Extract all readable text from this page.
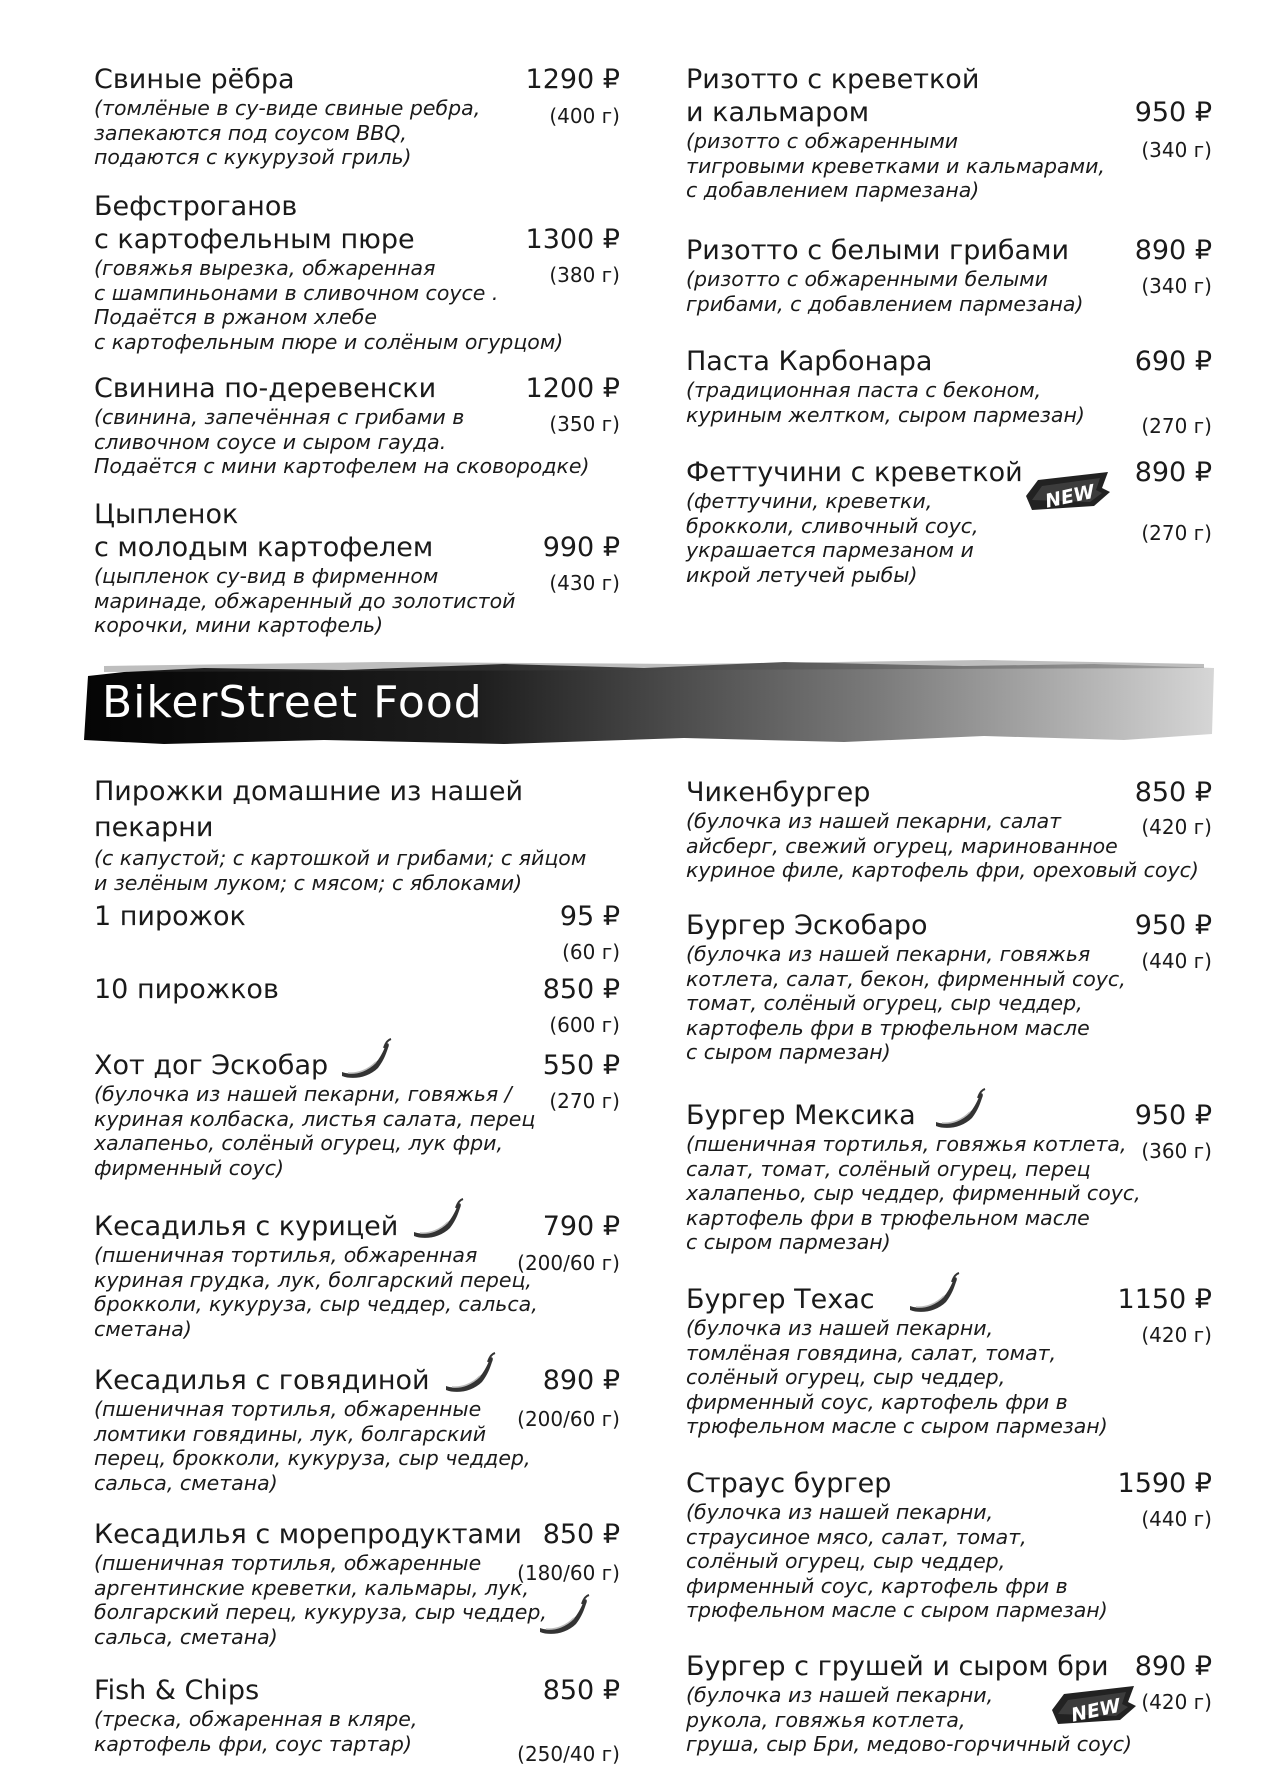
Свиные рёбра
(томлёные в су-виде свиные ребра,
запекаются под соусом BBQ,
подаются с кукурузой гриль)
1290 ₽
(400 г)
Бефстроганов
с картофельным пюре
(говяжья вырезка, обжаренная
с шампиньонами в сливочном соусе .
Подаётся в ржаном хлебе
с картофельным пюре и солёным огурцом)
1300 ₽
(380 г)
Свинина по-деревенски
(свинина, запечённая с грибами в
сливочном соусе и сыром гауда.
Подаётся с мини картофелем на сковородке)
1200 ₽
(350 г)
Цыпленок
с молодым картофелем
(цыпленок су-вид в фирменном
маринаде, обжаренный до золотистой
корочки, мини картофель)
990 ₽
(430 г)
Ризотто с креветкой
и кальмаром
(ризотто с обжаренными
тигровыми креветками и кальмарами,
с добавлением пармезана)
950 ₽
(340 г)
Ризотто с белыми грибами
(ризотто с обжаренными белыми
грибами, с добавлением пармезана)
890 ₽
(340 г)
Паста Карбонара
(традиционная паста с беконом,
куриным желтком, сыром пармезан)
690 ₽
(270 г)
Феттучини с креветкой
(феттучини, креветки,
брокколи, сливочный соус,
украшается пармезаном и
икрой летучей рыбы)
890 ₽
(270 г)
NEW
BikerStreet Food
Пирожки домашние из нашей
пекарни
(с капустой; с картошкой и грибами; с яйцом
и зелёным луком; с мясом; с яблоками)
1 пирожок	95 ₽
(60 г)
10 пирожков	850 ₽
(600 г)
Хот дог Эскобар
(булочка из нашей пекарни, говяжья /
куриная колбаска, листья салата, перец
халапеньо, солёный огурец, лук фри,
фирменный соус)
550 ₽
(270 г)
Кесадилья с курицей
(пшеничная тортилья, обжаренная
куриная грудка, лук, болгарский перец,
брокколи, кукуруза, сыр чеддер, сальса,
сметана)
790 ₽
(200/60 г)
Кесадилья с говядиной
(пшеничная тортилья, обжаренные
ломтики говядины, лук, болгарский
перец, брокколи, кукуруза, сыр чеддер,
сальса, сметана)
890 ₽
(200/60 г)
Кесадилья с морепродуктами
(пшеничная тортилья, обжаренные
аргентинские креветки, кальмары, лук,
болгарский перец, кукуруза, сыр чеддер,
сальса, сметана)
850 ₽
(180/60 г)
Fish & Chips
(треска, обжаренная в кляре,
картофель фри, соус тартар)
850 ₽
(250/40 г)
Чикенбургер
(булочка из нашей пекарни, салат
айсберг, свежий огурец, маринованное
куриное филе, картофель фри, ореховый соус)
850 ₽
(420 г)
Бургер Эскобаро
(булочка из нашей пекарни, говяжья
котлета, салат, бекон, фирменный соус,
томат, солёный огурец, сыр чеддер,
картофель фри в трюфельном масле
с сыром пармезан)
950 ₽
(440 г)
Бургер Мексика
(пшеничная тортилья, говяжья котлета,
салат, томат, солёный огурец, перец
халапеньо, сыр чеддер, фирменный соус,
картофель фри в трюфельном масле
с сыром пармезан)
950 ₽
(360 г)
Бургер Техас
(булочка из нашей пекарни,
томлёная говядина, салат, томат,
солёный огурец, сыр чеддер,
фирменный соус, картофель фри в
трюфельном масле с сыром пармезан)
1150 ₽
(420 г)
Страус бургер
(булочка из нашей пекарни,
страусиное мясо, салат, томат,
солёный огурец, сыр чеддер,
фирменный соус, картофель фри в
трюфельном масле с сыром пармезан)
1590 ₽
(440 г)
Бургер с грушей и сыром бри
(булочка из нашей пекарни,
рукола, говяжья котлета,
груша, сыр Бри, медово-горчичный соус)
890 ₽
(420 г)
NEW
